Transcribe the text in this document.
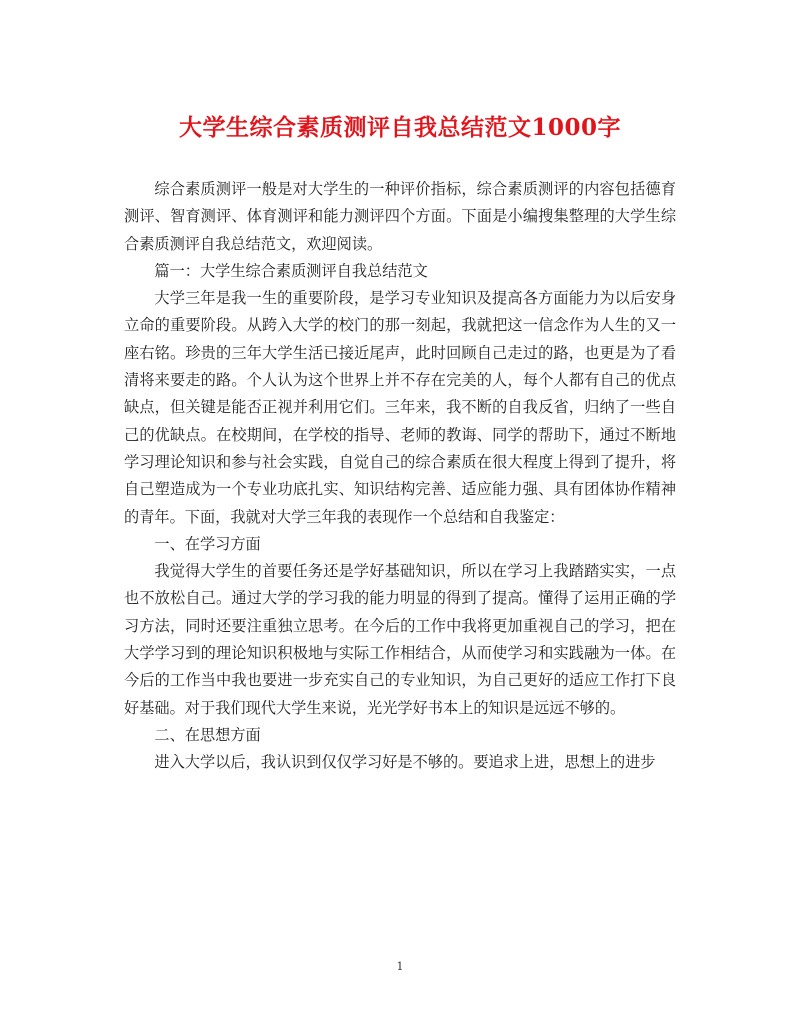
大学生综合素质测评自我总结范文1000字

综合素质测评一般是对大学生的一种评价指标，综合素质测评的内容包括德育测评、智育测评、体育测评和能力测评四个方面。下面是小编搜集整理的大学生综合素质测评自我总结范文，欢迎阅读。

篇一：大学生综合素质测评自我总结范文

大学三年是我一生的重要阶段，是学习专业知识及提高各方面能力为以后安身立命的重要阶段。从跨入大学的校门的那一刻起，我就把这一信念作为人生的又一座右铭。珍贵的三年大学生活已接近尾声，此时回顾自己走过的路，也更是为了看清将来要走的路。个人认为这个世界上并不存在完美的人，每个人都有自己的优点缺点，但关键是能否正视并利用它们。三年来，我不断的自我反省，归纳了一些自己的优缺点。在校期间，在学校的指导、老师的教诲、同学的帮助下，通过不断地学习理论知识和参与社会实践，自觉自己的综合素质在很大程度上得到了提升，将自己塑造成为一个专业功底扎实、知识结构完善、适应能力强、具有团体协作精神的青年。下面，我就对大学三年我的表现作一个总结和自我鉴定：

一、在学习方面

我觉得大学生的首要任务还是学好基础知识，所以在学习上我踏踏实实，一点也不放松自己。通过大学的学习我的能力明显的得到了提高。懂得了运用正确的学习方法，同时还要注重独立思考。在今后的工作中我将更加重视自己的学习，把在大学学习到的理论知识积极地与实际工作相结合，从而使学习和实践融为一体。在今后的工作当中我也要进一步充实自己的专业知识，为自己更好的适应工作打下良好基础。对于我们现代大学生来说，光光学好书本上的知识是远远不够的。

二、在思想方面

进入大学以后，我认识到仅仅学习好是不够的。要追求上进，思想上的进步

1
